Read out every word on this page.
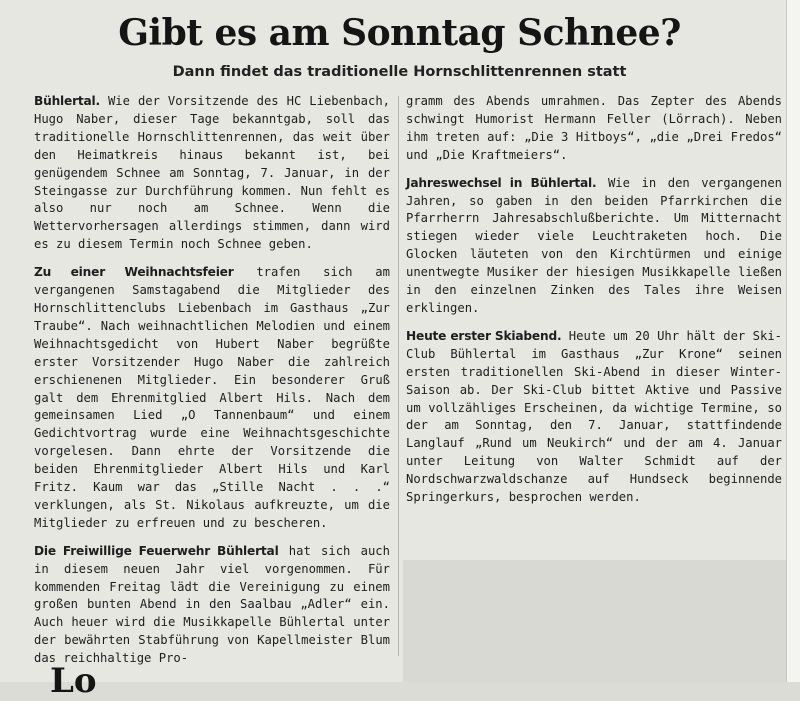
Gibt es am Sonntag Schnee?
Dann findet das traditionelle Hornschlittenrennen statt

Bühlertal. Wie der Vorsitzende des HC Liebenbach, Hugo Naber, dieser Tage bekanntgab, soll das traditionelle Hornschlittenrennen, das weit über den Heimatkreis hinaus bekannt ist, bei genügendem Schnee am Sonntag, 7. Januar, in der Steingasse zur Durchführung kommen. Nun fehlt es also nur noch am Schnee. Wenn die Wettervorhersagen allerdings stimmen, dann wird es zu diesem Termin noch Schnee geben.

Zu einer Weihnachtsfeier trafen sich am vergangenen Samstagabend die Mitglieder des Hornschlittenclubs Liebenbach im Gasthaus „Zur Traube“. Nach weihnachtlichen Melodien und einem Weihnachtsgedicht von Hubert Naber begrüßte erster Vorsitzender Hugo Naber die zahlreich erschienenen Mitglieder. Ein besonderer Gruß galt dem Ehrenmitglied Albert Hils. Nach dem gemeinsamen Lied „O Tannenbaum“ und einem Gedichtvortrag wurde eine Weihnachtsgeschichte vorgelesen. Dann ehrte der Vorsitzende die beiden Ehrenmitglieder Albert Hils und Karl Fritz. Kaum war das „Stille Nacht . . .“ verklungen, als St. Nikolaus aufkreuzte, um die Mitglieder zu erfreuen und zu bescheren.

Die Freiwillige Feuerwehr Bühlertal hat sich auch in diesem neuen Jahr viel vorgenommen. Für kommenden Freitag lädt die Vereinigung zu einem großen bunten Abend in den Saalbau „Adler“ ein. Auch heuer wird die Musikkapelle Bühlertal unter der bewährten Stabführung von Kapellmeister Blum das reichhaltige Pro-

gramm des Abends umrahmen. Das Zepter des Abends schwingt Humorist Hermann Feller (Lörrach). Neben ihm treten auf: „Die 3 Hitboys“, „die „Drei Fredos“ und „Die Kraftmeiers“.

Jahreswechsel in Bühlertal. Wie in den vergangenen Jahren, so gaben in den beiden Pfarrkirchen die Pfarrherrn Jahresabschlußberichte. Um Mitternacht stiegen wieder viele Leuchtraketen hoch. Die Glocken läuteten von den Kirchtürmen und einige unentwegte Musiker der hiesigen Musikkapelle ließen in den einzelnen Zinken des Tales ihre Weisen erklingen.

Heute erster Skiabend. Heute um 20 Uhr hält der Ski-Club Bühlertal im Gasthaus „Zur Krone“ seinen ersten traditionellen Ski-Abend in dieser Winter-Saison ab. Der Ski-Club bittet Aktive und Passive um vollzähliges Erscheinen, da wichtige Termine, so der am Sonntag, den 7. Januar, stattfindende Langlauf „Rund um Neukirch“ und der am 4. Januar unter Leitung von Walter Schmidt auf der Nordschwarzwaldschanze auf Hundseck beginnende Springerkurs, besprochen werden.

Lo
